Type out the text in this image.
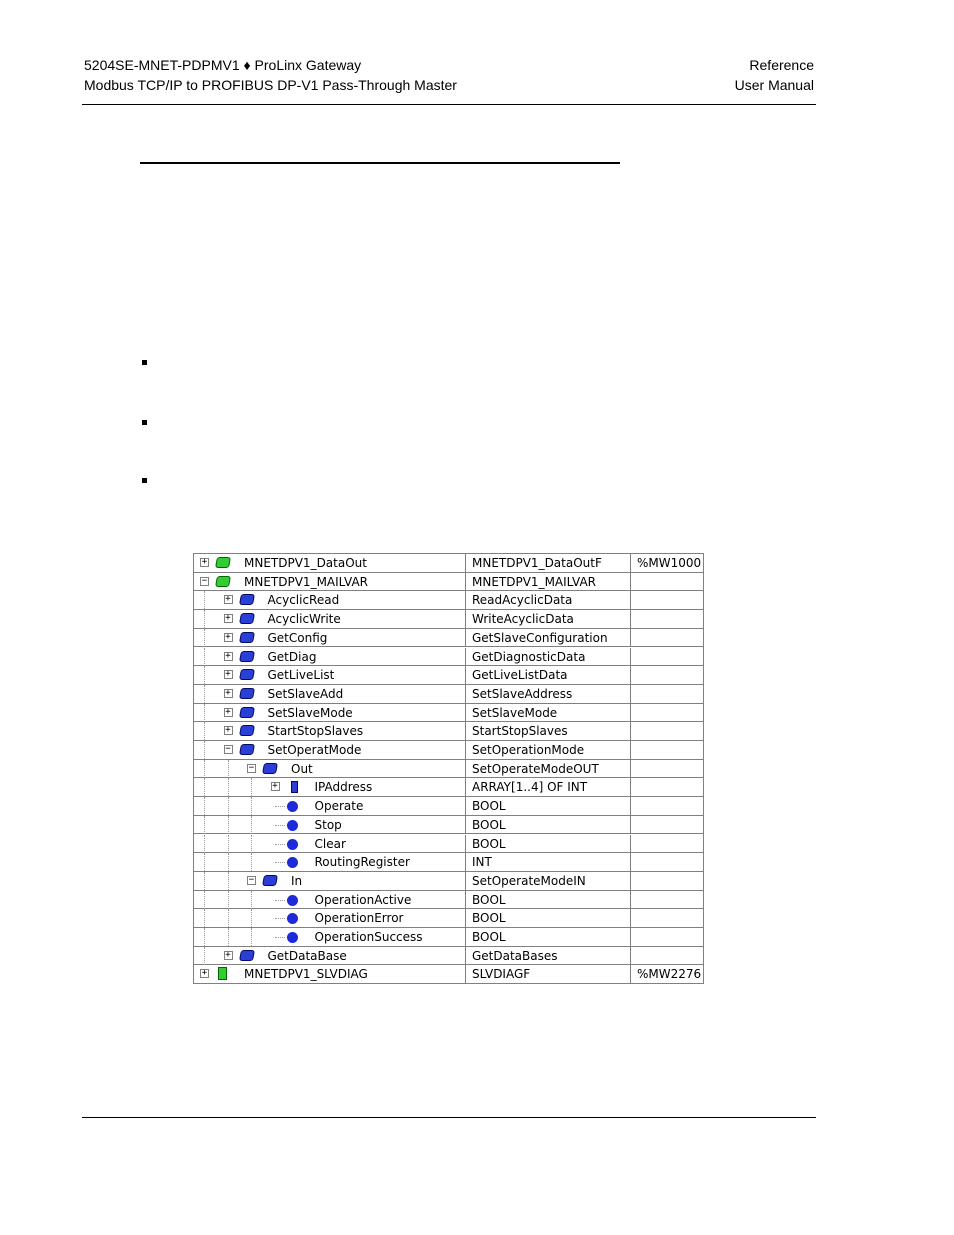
5204SE-MNET-PDPMV1 ♦ ProLinx Gateway
Modbus TCP/IP to PROFIBUS DP-V1 Pass-Through Master
Reference
User Manual
+	MNETDPV1_DataOut	MNETDPV1_DataOutF	%MW1000
−	MNETDPV1_MAILVAR	MNETDPV1_MAILVAR
+	AcyclicRead	ReadAcyclicData
+	AcyclicWrite	WriteAcyclicData
+	GetConfig	GetSlaveConfiguration
+	GetDiag	GetDiagnosticData
+	GetLiveList	GetLiveListData
+	SetSlaveAdd	SetSlaveAddress
+	SetSlaveMode	SetSlaveMode
+	StartStopSlaves	StartStopSlaves
−	SetOperatMode	SetOperationMode
−	Out	SetOperateModeOUT
+	IPAddress	ARRAY[1..4] OF INT
Operate	BOOL
Stop	BOOL
Clear	BOOL
RoutingRegister	INT
−	In	SetOperateModeIN
OperationActive	BOOL
OperationError	BOOL
OperationSuccess	BOOL
+	GetDataBase	GetDataBases
+	MNETDPV1_SLVDIAG	SLVDIAGF	%MW2276
